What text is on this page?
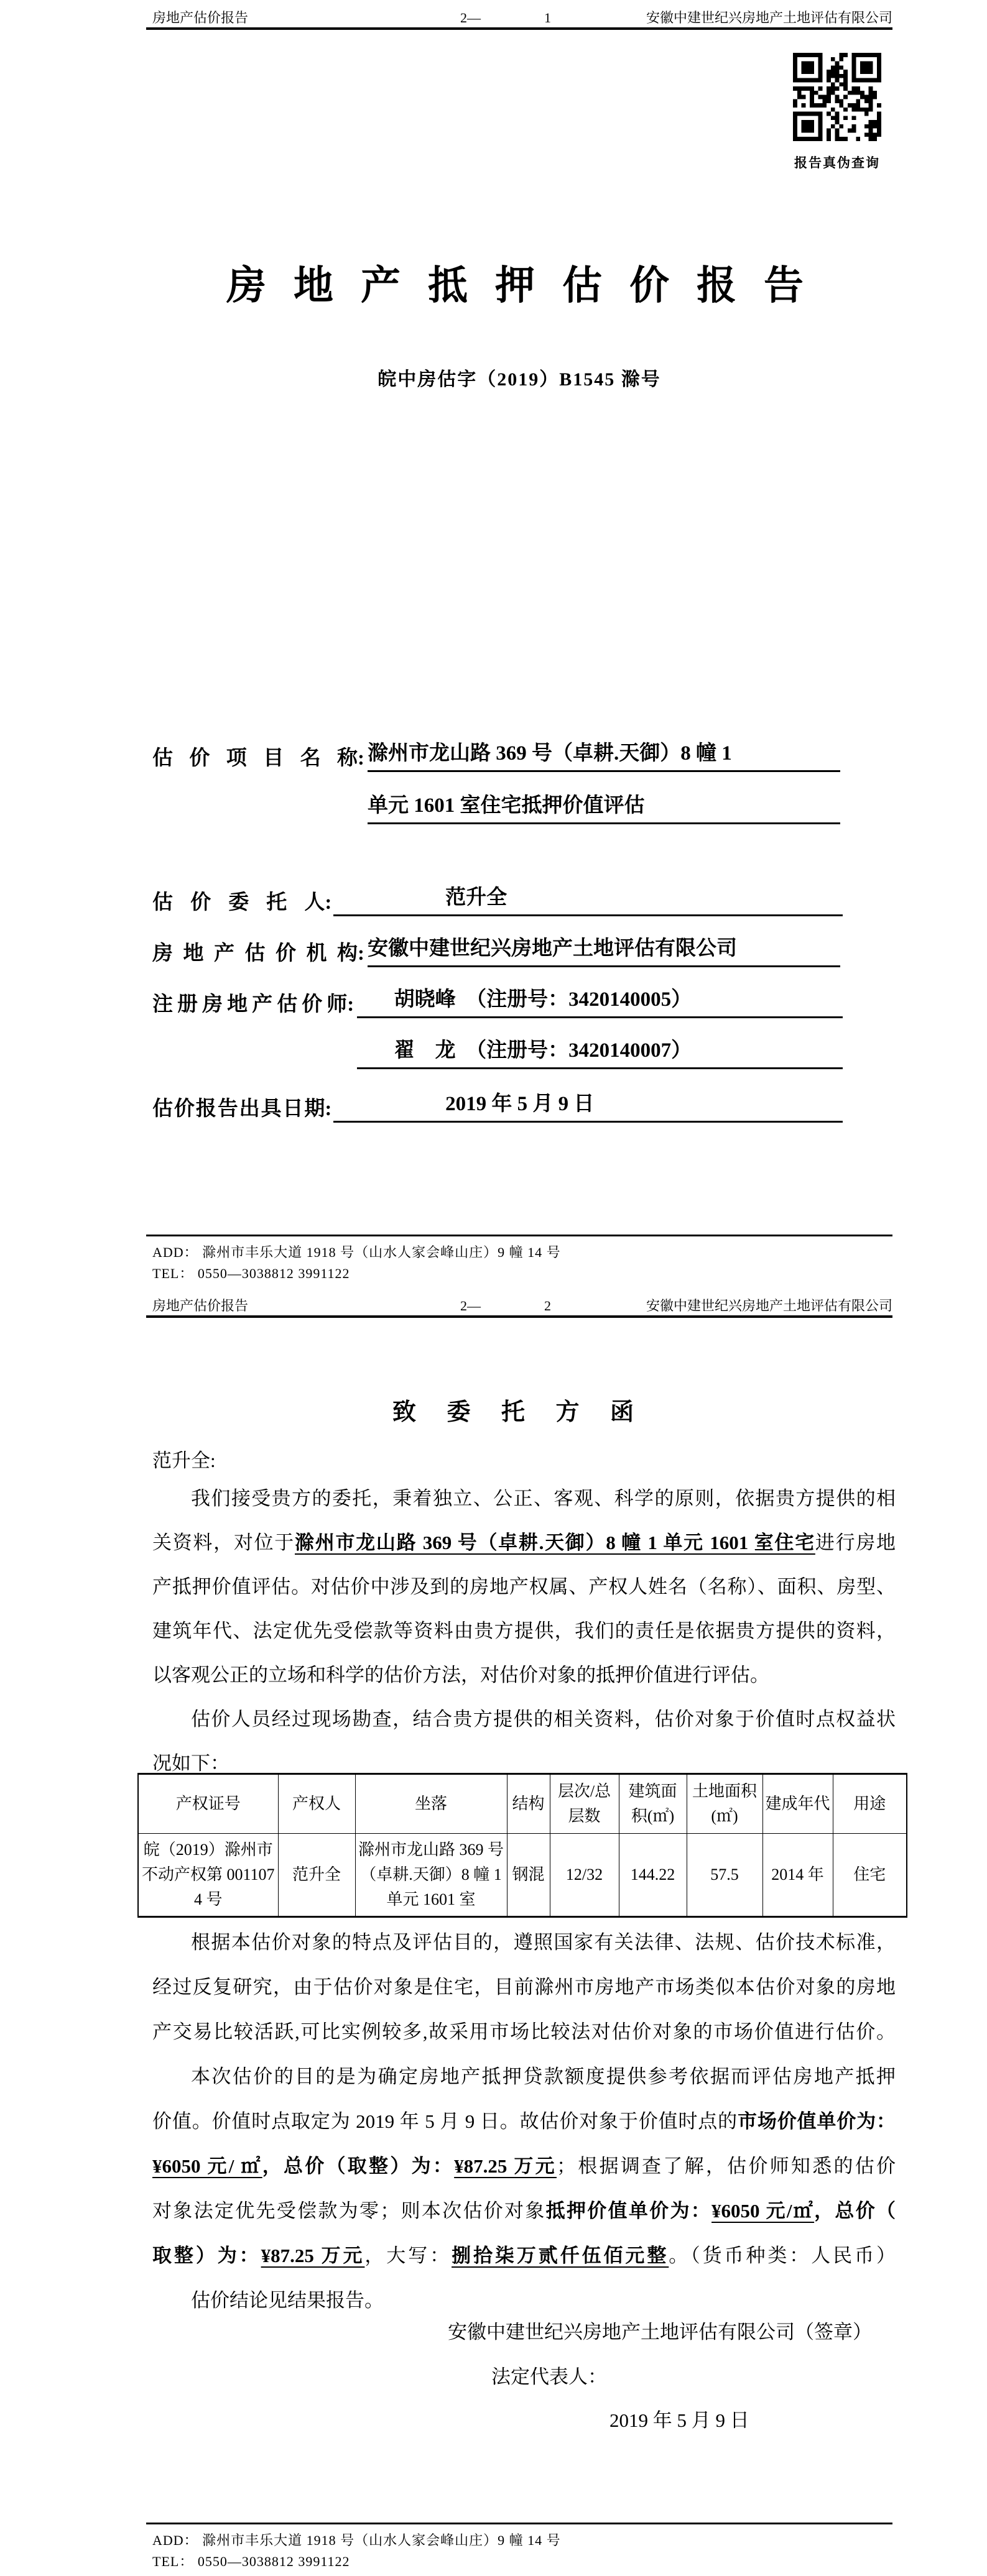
房地产估价报告	2—	1	安徽中建世纪兴房地产土地评估有限公司
报告真伪查询
房 地 产 抵 押 估 价 报 告
皖中房估字（2019）B1545 滁号
估价项目名称 : 滁州市龙山路 369 号（卓耕.天御）8 幢 1
单元 1601 室住宅抵押价值评估
估价委托人 :	范升全
房地产估价机构 : 安徽中建世纪兴房地产土地评估有限公司
注册房地产估价师 :	胡晓峰　（注册号：3420140005）
翟　龙　（注册号：3420140007）
估价报告出具日期 :	2019 年 5 月 9 日
ADD： 滁州市丰乐大道 1918 号（山水人家会峰山庄）9 幢 14 号
TEL： 0550—3038812 3991122
房地产估价报告	2—	2	安徽中建世纪兴房地产土地评估有限公司
致 委 托 方 函
范升全:
我们接受贵方的委托，秉着独立、公正、客观、科学的原则，依据贵方提供的相
关资料，对位于滁州市龙山路 369 号（卓耕.天御）8 幢 1 单元 1601 室住宅进行房地
产抵押价值评估。对估价中涉及到的房地产权属、产权人姓名（名称）、面积、房型、
建筑年代、法定优先受偿款等资料由贵方提供，我们的责任是依据贵方提供的资料，
以客观公正的立场和科学的估价方法，对估价对象的抵押价值进行评估。
估价人员经过现场勘查，结合贵方提供的相关资料，估价对象于价值时点权益状
况如下：
产权证号	产权人	坐落	结构	层次/总层数	建筑面积(㎡)	土地面积(㎡)	建成年代	用途
皖（2019）滁州市不动产权第 0011074 号	范升全	滁州市龙山路 369 号（卓耕.天御）8 幢 1 单元 1601 室	钢混	12/32	144.22	57.5	2014 年	住宅
根据本估价对象的特点及评估目的，遵照国家有关法律、法规、估价技术标准，
经过反复研究，由于估价对象是住宅，目前滁州市房地产市场类似本估价对象的房地
产交易比较活跃,可比实例较多,故采用市场比较法对估价对象的市场价值进行估价。
本次估价的目的是为确定房地产抵押贷款额度提供参考依据而评估房地产抵押
价值。价值时点取定为 2019 年 5 月 9 日。故估价对象于价值时点的市场价值单价为：
¥6050 元/ ㎡，总价（取整）为：¥87.25 万元；根据调查了解，估价师知悉的估价
对象法定优先受偿款为零；则本次估价对象抵押价值单价为：¥6050 元/㎡，总价（
取整）为：¥87.25 万元，大写：捌拾柒万贰仟伍佰元整。（货币种类：人民币）
估价结论见结果报告。
安徽中建世纪兴房地产土地评估有限公司（签章）
法定代表人：
2019 年 5 月 9 日
ADD： 滁州市丰乐大道 1918 号（山水人家会峰山庄）9 幢 14 号
TEL： 0550—3038812 3991122
